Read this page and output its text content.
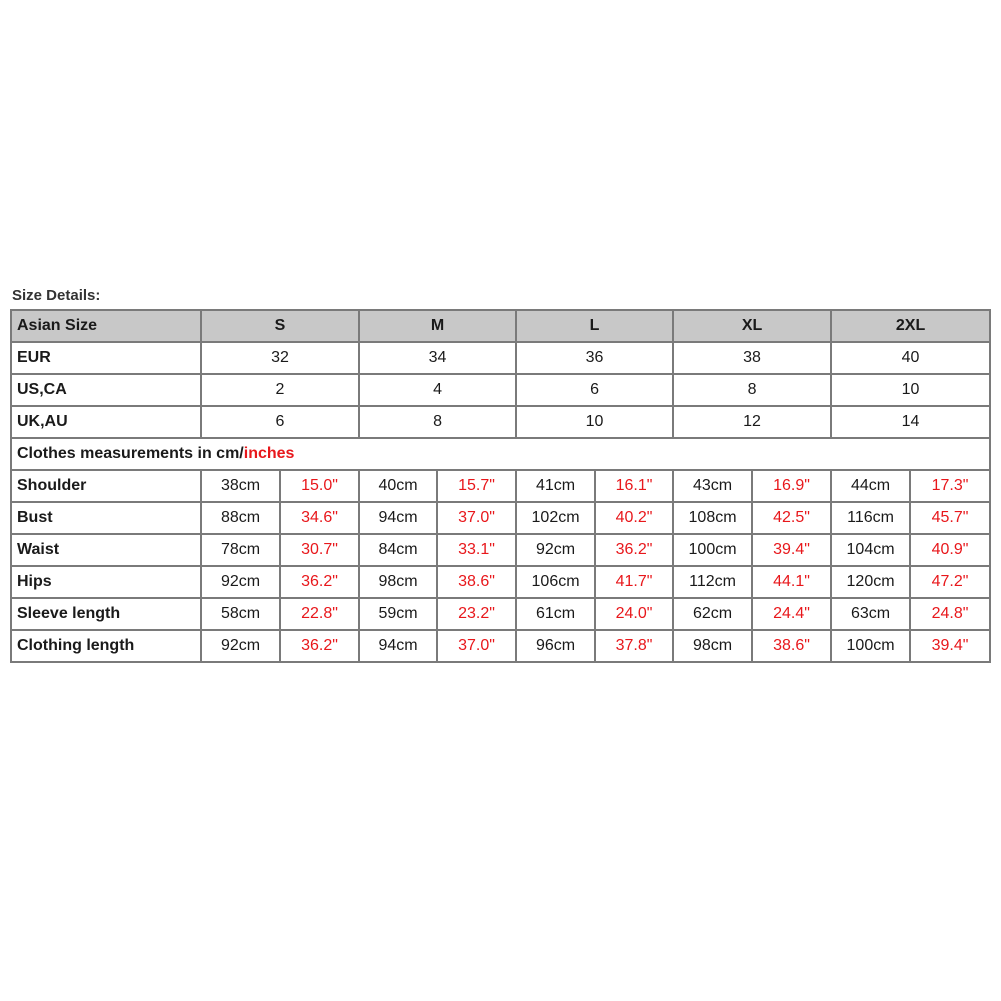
Size Details:
Asian Size	S		M		L		XL		2XL	
EUR	32		34		36		38		40	
US,CA	2		4		6		8		10	
UK,AU	6		8		10		12		14	
Clothes measurements in cm/inches										
Shoulder	38cm	15.0"	40cm	15.7"	41cm	16.1"	43cm	16.9"	44cm	17.3"
Bust	88cm	34.6"	94cm	37.0"	102cm	40.2"	108cm	42.5"	116cm	45.7"
Waist	78cm	30.7"	84cm	33.1"	92cm	36.2"	100cm	39.4"	104cm	40.9"
Hips	92cm	36.2"	98cm	38.6"	106cm	41.7"	112cm	44.1"	120cm	47.2"
Sleeve length	58cm	22.8"	59cm	23.2"	61cm	24.0"	62cm	24.4"	63cm	24.8"
Clothing length	92cm	36.2"	94cm	37.0"	96cm	37.8"	98cm	38.6"	100cm	39.4"
